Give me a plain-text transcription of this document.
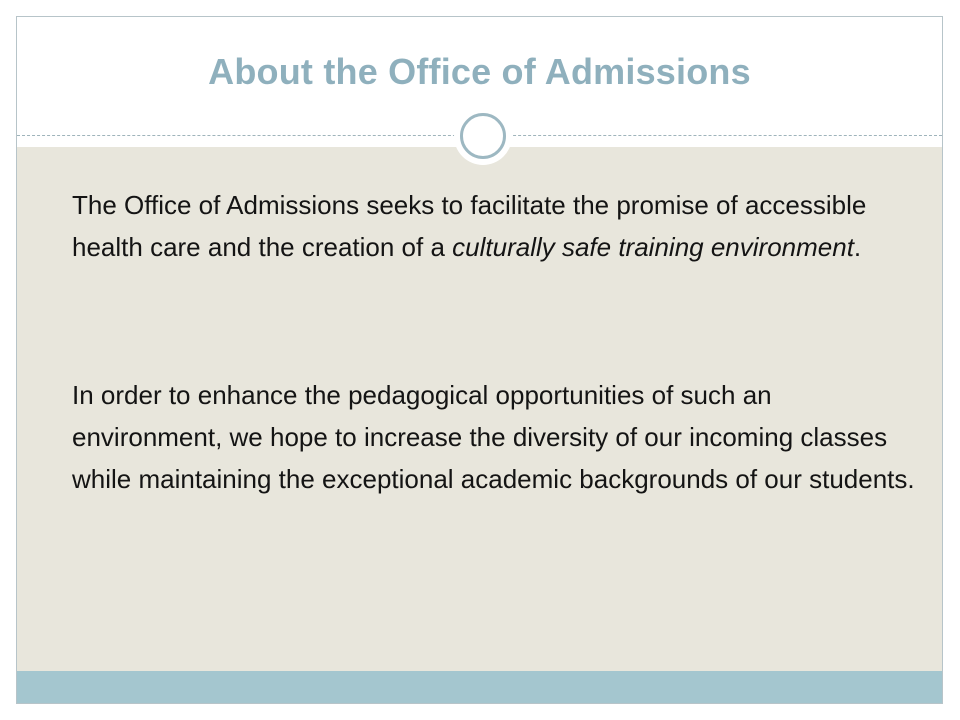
About the Office of Admissions
The Office of Admissions seeks to facilitate the promise of accessible health care and the creation of a culturally safe training environment.
In order to enhance the pedagogical opportunities of such an environment, we hope to increase the diversity of our incoming classes while maintaining the exceptional academic backgrounds of our students.
